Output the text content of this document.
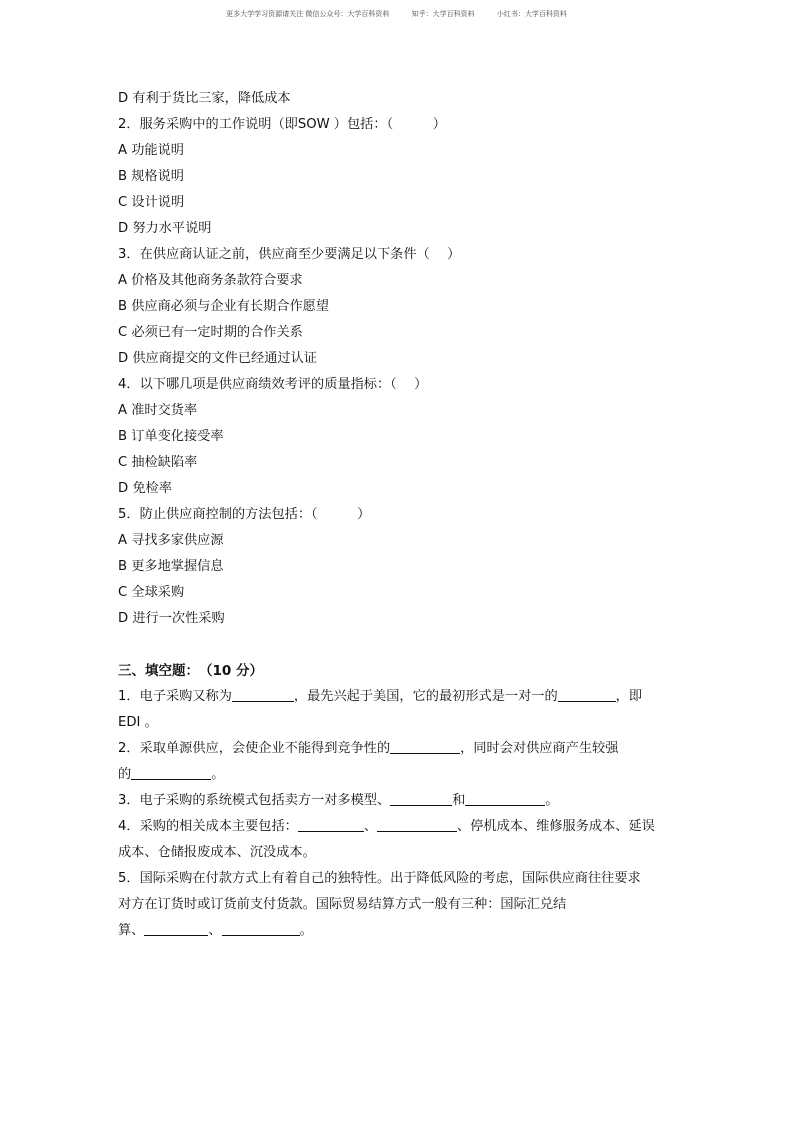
更多大学学习资源请关注 微信公众号：大学百科资料	知乎：大学百科资料	小红书：大学百科资料
D 有利于货比三家，降低成本
2．服务采购中的工作说明（即SOW ）包括：（　　　）
A 功能说明
B 规格说明
C 设计说明
D 努力水平说明
3．在供应商认证之前，供应商至少要满足以下条件（　 ）
A 价格及其他商务条款符合要求
B 供应商必须与企业有长期合作愿望
C 必须已有一定时期的合作关系
D 供应商提交的文件已经通过认证
4．以下哪几项是供应商绩效考评的质量指标：（　 ）
A 准时交货率
B 订单变化接受率
C 抽检缺陷率
D 免检率
5．防止供应商控制的方法包括：（　　　）
A 寻找多家供应源
B 更多地掌握信息
C 全球采购
D 进行一次性采购
三、填空题：　（10 分）

1．电子采购又称为	，最先兴起于美国，它的最初形式是一对一的	，即
EDI 。

2．采取单源供应，会使企业不能得到竞争性的	，同时会对供应商产生较强
的	。

3．电子采购的系统模式包括卖方一对多模型、	和	。

4．采购的相关成本主要包括：	、	、停机成本、维修服务成本、延误
成本、仓储报废成本、沉没成本。

5．国际采购在付款方式上有着自己的独特性。出于降低风险的考虑，国际供应商往往要求
对方在订货时或订货前支付货款。国际贸易结算方式一般有三种：国际汇兑结
算、	、	。
